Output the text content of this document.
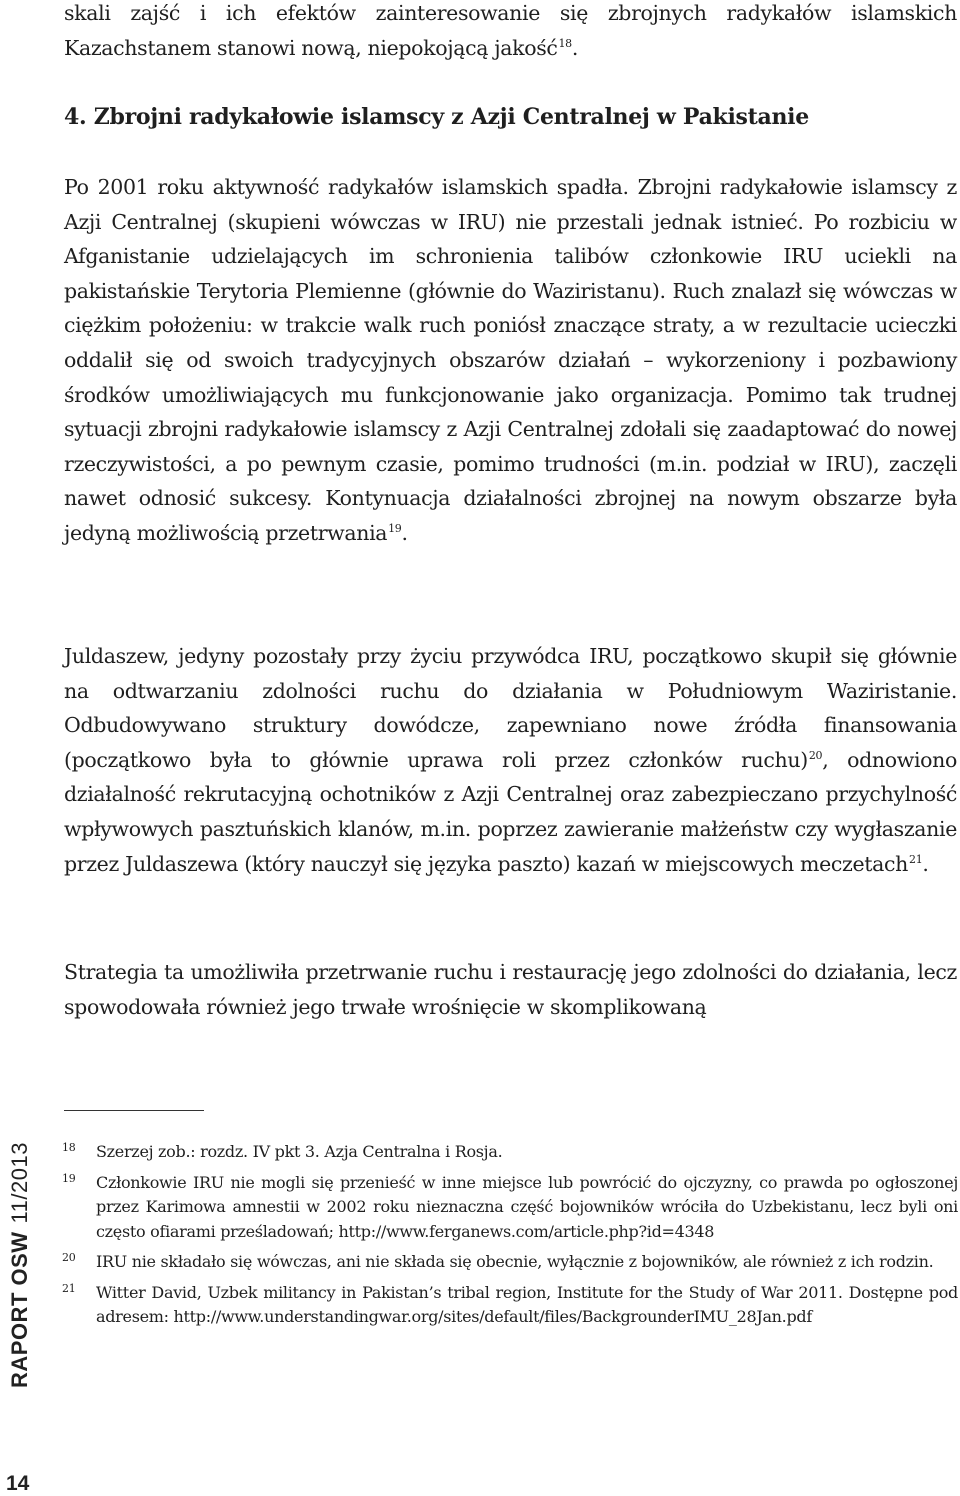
skali zajść i ich efektów zainteresowanie się zbrojnych radykałów islamskich Kazachstanem stanowi nową, niepokojącą jakość$^{18}$.

4. Zbrojni radykałowie islamscy z Azji Centralnej w Pakistanie

Po 2001 roku aktywność radykałów islamskich spadła. Zbrojni radykałowie islamscy z Azji Centralnej (skupieni wówczas w IRU) nie przestali jednak istnieć. Po rozbiciu w Afganistanie udzielających im schronienia talibów członkowie IRU uciekli na pakistańskie Terytoria Plemienne (głównie do Waziristanu). Ruch znalazł się wówczas w ciężkim położeniu: w trakcie walk ruch poniósł znaczące straty, a w rezultacie ucieczki oddalił się od swoich tradycyjnych obszarów działań – wykorzeniony i pozbawiony środków umożliwiających mu funkcjonowanie jako organizacja. Pomimo tak trudnej sytuacji zbrojni radykałowie islamscy z Azji Centralnej zdołali się zaadaptować do nowej rzeczywistości, a po pewnym czasie, pomimo trudności (m.in. podział w IRU), zaczęli nawet odnosić sukcesy. Kontynuacja działalności zbrojnej na nowym obszarze była jedyną możliwością przetrwania$^{19}$.

Juldaszew, jedyny pozostały przy życiu przywódca IRU, początkowo skupił się głównie na odtwarzaniu zdolności ruchu do działania w Południowym Waziristanie. Odbudowywano struktury dowódcze, zapewniano nowe źródła finansowania (początkowo była to głównie uprawa roli przez członków ruchu)$^{20}$, odnowiono działalność rekrutacyjną ochotników z Azji Centralnej oraz zabezpieczano przychylność wpływowych pasztuńskich klanów, m.in. poprzez zawieranie małżeństw czy wygłaszanie przez Juldaszewa (który nauczył się języka paszto) kazań w miejscowych meczetach$^{21}$.

Strategia ta umożliwiła przetrwanie ruchu i restaurację jego zdolności do działania, lecz spowodowała również jego trwałe wrośnięcie w skomplikowaną

18 Szerzej zob.: rozdz. IV pkt 3. Azja Centralna i Rosja.

19 Członkowie IRU nie mogli się przenieść w inne miejsce lub powrócić do ojczyzny, co prawda po ogłoszonej przez Karimowa amnestii w 2002 roku nieznaczna część bojowników wróciła do Uzbekistanu, lecz byli oni często ofiarami prześladowań; http://www.ferganews.com/article.php?id=4348

20 IRU nie składało się wówczas, ani nie składa się obecnie, wyłącznie z bojowników, ale również z ich rodzin.

21 Witter David, Uzbek militancy in Pakistan’s tribal region, Institute for the Study of War 2011. Dostępne pod adresem: http://www.understandingwar.org/sites/default/files/BackgrounderIMU_28Jan.pdf

RAPORT OSW11/2013
14
